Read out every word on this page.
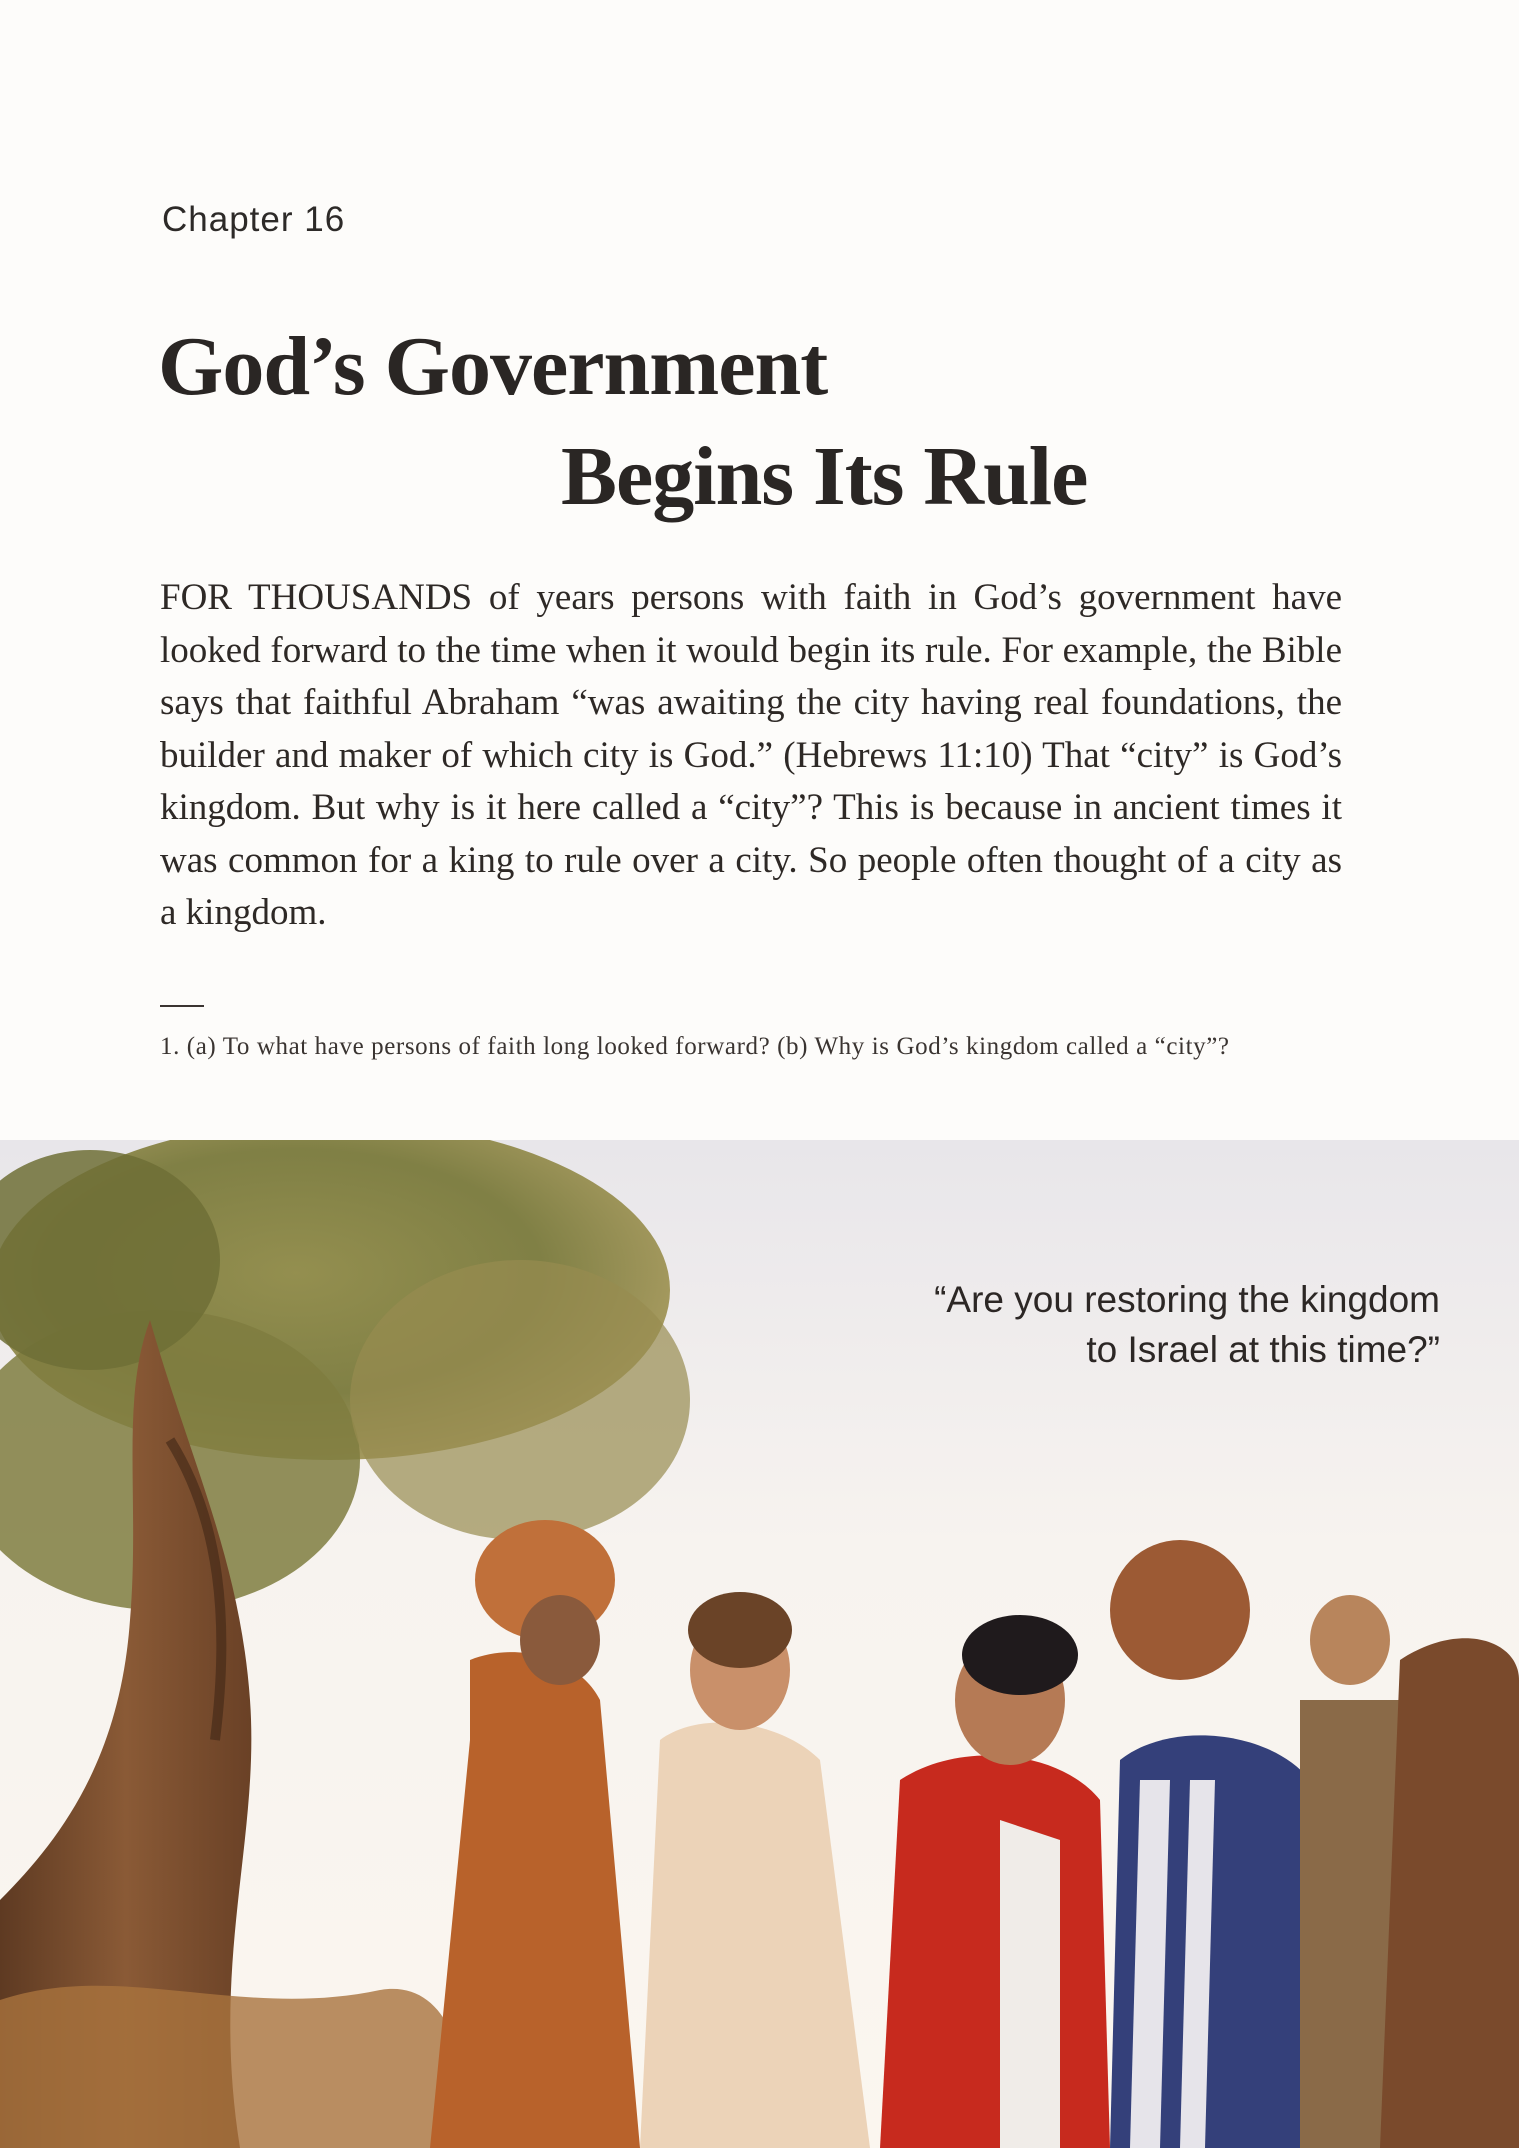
Chapter 16
God’s Government
Begins Its Rule

FOR THOUSANDS of years persons with faith in God’s government have looked forward to the time when it would begin its rule. For example, the Bible says that faithful Abraham “was awaiting the city having real foundations, the builder and maker of which city is God.” (Hebrews 11:10) That “city” is God’s kingdom. But why is it here called a “city”? This is because in ancient times it was common for a king to rule over a city. So people often thought of a city as a kingdom.

1. (a) To what have persons of faith long looked forward? (b) Why is God’s kingdom called a “city”?

“Are you restoring the kingdom
to Israel at this time?”
